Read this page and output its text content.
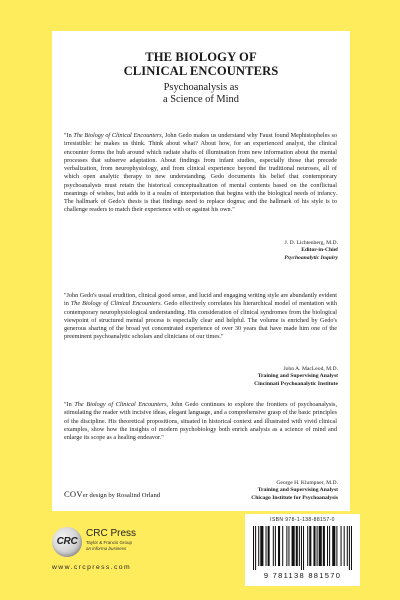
THE BIOLOGY OF
CLINICAL ENCOUNTERS
Psychoanalysis as
a Science of Mind

"In The Biology of Clinical Encounters, John Gedo makes us understand why Faust found Mephistopheles so irresistible: he makes us think. Think about what? About how, for an experienced analyst, the clinical encounter forms the hub around which radiate shafts of illumination from new information about the mental processes that subserve adaptation. About findings from infant studies, especially those that precede verbalization, from neurophysiology, and from clinical experience beyond the traditional neuroses, all of which open analytic therapy to new understanding. Gedo documents his belief that contemporary psychoanalysts must retain the historical conceptualization of mental contents based on the conflictual meanings of wishes, but adds to it a realm of interpretation that begins with the biological needs of infancy. The hallmark of Gedo's thesis is that findings need to replace dogma; and the hallmark of his style is to challenge readers to match their experience with or against his own."

J. D. Lichtenberg, M.D.
Editor-in-Chief
Psychoanalytic Inquiry

"John Gedo's usual erudition, clinical good sense, and lucid and engaging writing style are abundantly evident in The Biology of Clinical Encounters. Gedo effectively correlates his hierarchical model of mentation with contemporary neurophysiological understanding. His consideration of clinical syndromes from the biological viewpoint of structured mental process is especially clear and helpful. The volume is enriched by Gedo's generous sharing of the broad yet concentrated experience of over 30 years that have made him one of the preeminent psychoanalytic scholars and clinicians of our times."

John A. MacLeod, M.D.
Training and Supervising Analyst
Cincinnati Psychoanalytic Institute

"In The Biology of Clinical Encounters, John Gedo continues to explore the frontiers of psychoanalysis, stimulating the reader with incisive ideas, elegant language, and a comprehensive grasp of the basic principles of the discipline. His theoretical propositions, situated in historical context and illustrated with vivid clinical examples, show how the insights of modern psychobiology both enrich analysis as a science of mind and enlarge its scope as a healing endeavor."

COVer design by Rosalind Orland
George H. Klumpner, M.D.
Training and Supervising Analyst
Chicago Institute for Psychoanalysis
CRC
CRC Press
Taylor & Francis Group
an informa business
www.crcpress.com
ISBN 978-1-138-88157-0
9 781138 881570
